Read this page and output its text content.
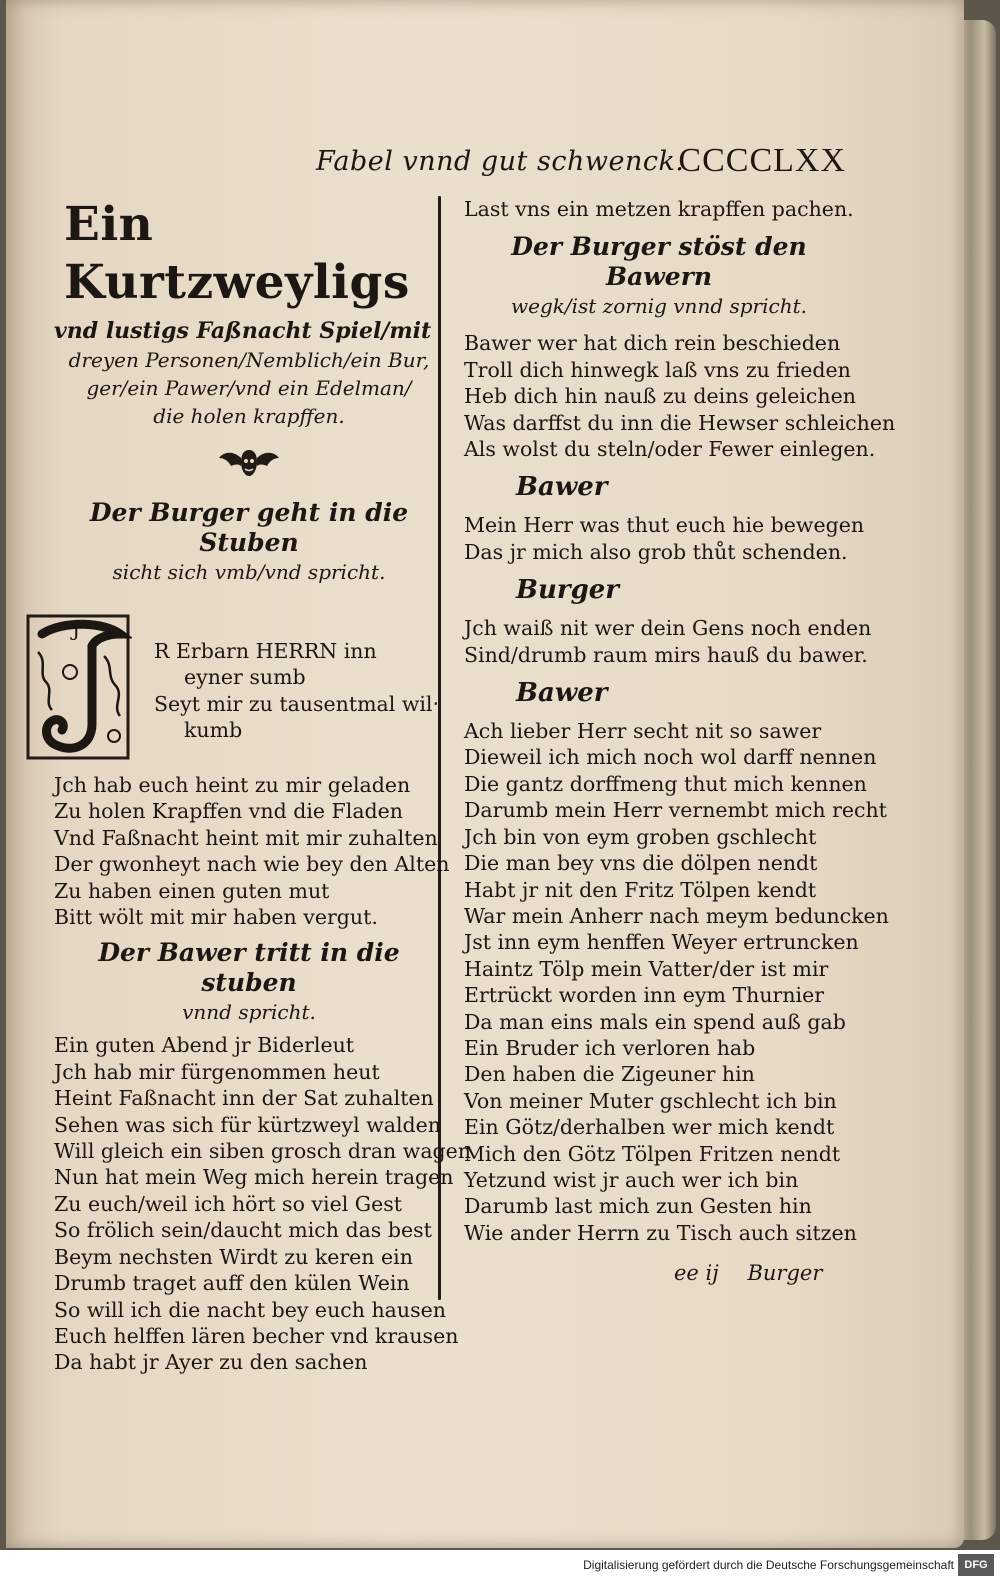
Fabel vnnd gut schwenck.
CCCCLXX
Ein Kurtzweyligs
vnd lustigs Faßnacht Spiel/mit
dreyen Personen/Nemblich/ein Bur,
ger/ein Pawer/vnd ein Edelman/
die holen krapffen.
Der Burger geht in die Stuben
sicht sich vmb/vnd spricht.
J
R Erbarn HERRN inn
eyner sumb
Seyt mir zu tausentmal wil‧
kumb
Jch hab euch heint zu mir geladen
Zu holen Krapffen vnd die Fladen
Vnd Faßnacht heint mit mir zuhalten
Der gwonheyt nach wie bey den Alten
Zu haben einen guten mut
Bitt wölt mit mir haben vergut.
Der Bawer tritt in die stuben
vnnd spricht.
Ein guten Abend jr Biderleut
Jch hab mir fürgenommen heut
Heint Faßnacht inn der Sat zuhalten
Sehen was sich für kürtzweyl walden
Will gleich ein siben grosch dran wagen
Nun hat mein Weg mich herein tragen
Zu euch/weil ich hört so viel Gest
So frölich sein/daucht mich das best
Beym nechsten Wirdt zu keren ein
Drumb traget auff den külen Wein
So will ich die nacht bey euch hausen
Euch helffen lären becher vnd krausen
Da habt jr Ayer zu den sachen
Last vns ein metzen krapffen pachen.
Der Burger stöst den Bawern
wegk/ist zornig vnnd spricht.
Bawer wer hat dich rein beschieden
Troll dich hinwegk laß vns zu frieden
Heb dich hin nauß zu deins geleichen
Was darffst du inn die Hewser schleichen
Als wolst du steln/oder Fewer einlegen.
Bawer
Mein Herr was thut euch hie bewegen
Das jr mich also grob thůt schenden.
Burger
Jch waiß nit wer dein Gens noch enden
Sind/drumb raum mirs hauß du bawer.
Bawer
Ach lieber Herr secht nit so sawer
Dieweil ich mich noch wol darff nennen
Die gantz dorffmeng thut mich kennen
Darumb mein Herr vernembt mich recht
Jch bin von eym groben gschlecht
Die man bey vns die dölpen nendt
Habt jr nit den Fritz Tölpen kendt
War mein Anherr nach meym beduncken
Jst inn eym henffen Weyer ertruncken
Haintz Tölp mein Vatter/der ist mir
Ertrückt worden inn eym Thurnier
Da man eins mals ein spend auß gab
Ein Bruder ich verloren hab
Den haben die Zigeuner hin
Von meiner Muter gschlecht ich bin
Ein Götz/derhalben wer mich kendt
Mich den Götz Tölpen Fritzen nendt
Yetzund wist jr auch wer ich bin
Darumb last mich zun Gesten hin
Wie ander Herrn zu Tisch auch sitzen
ee ij Burger
Digitalisierung gefördert durch die Deutsche Forschungsgemeinschaft DFG
